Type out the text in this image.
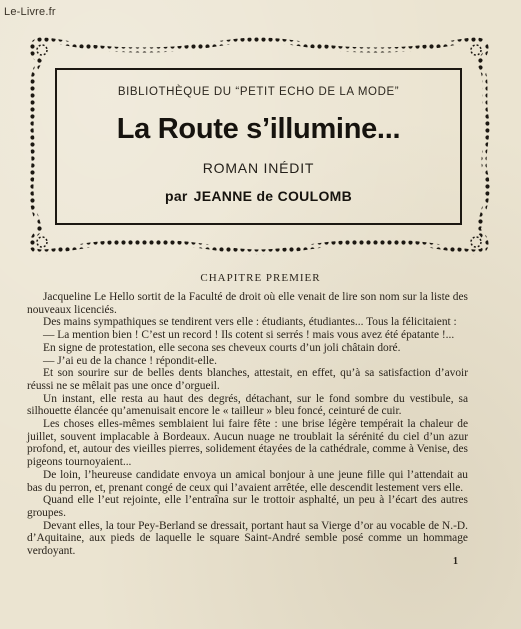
Le-Livre.fr
BIBLIOTHÈQUE DU “PETIT ECHO DE LA MODE”
La Route s’illumine...
ROMAN INÉDIT
par JEANNE de COULOMB
CHAPITRE PREMIER

Jacqueline Le Hello sortit de la Faculté de droit où elle venait de lire son nom sur la liste des nouveaux licenciés.

Des mains sympathiques se tendirent vers elle : étudiants, étudiantes... Tous la félicitaient :

— La mention bien ! C’est un record ! Ils cotent si serrés ! mais vous avez été épatante !...

En signe de protestation, elle secona ses cheveux courts d’un joli châtain doré.

— J’ai eu de la chance ! répondit-elle.

Et son sourire sur de belles dents blanches, attestait, en effet, qu’à sa satisfaction d’avoir réussi ne se mêlait pas une once d’orgueil.

Un instant, elle resta au haut des degrés, détachant, sur le fond sombre du vestibule, sa silhouette élancée qu’amenuisait encore le « tailleur » bleu foncé, ceinturé de cuir.

Les choses elles-mêmes semblaient lui faire fête : une brise légère tempérait la chaleur de juillet, souvent implacable à Bordeaux. Aucun nuage ne troublait la sérénité du ciel d’un azur profond, et, autour des vieilles pierres, solidement étayées de la cathédrale, comme à Venise, des pigeons tournoyaient...

De loin, l’heureuse candidate envoya un amical bonjour à une jeune fille qui l’attendait au bas du perron, et, prenant congé de ceux qui l’avaient arrêtée, elle descendit lestement vers elle.

Quand elle l’eut rejointe, elle l’entraîna sur le trottoir asphalté, un peu à l’écart des autres groupes.

Devant elles, la tour Pey-Berland se dressait, portant haut sa Vierge d’or au vocable de N.-D. d’Aquitaine, aux pieds de laquelle le square Saint-André semble posé comme un hommage verdoyant.

1
